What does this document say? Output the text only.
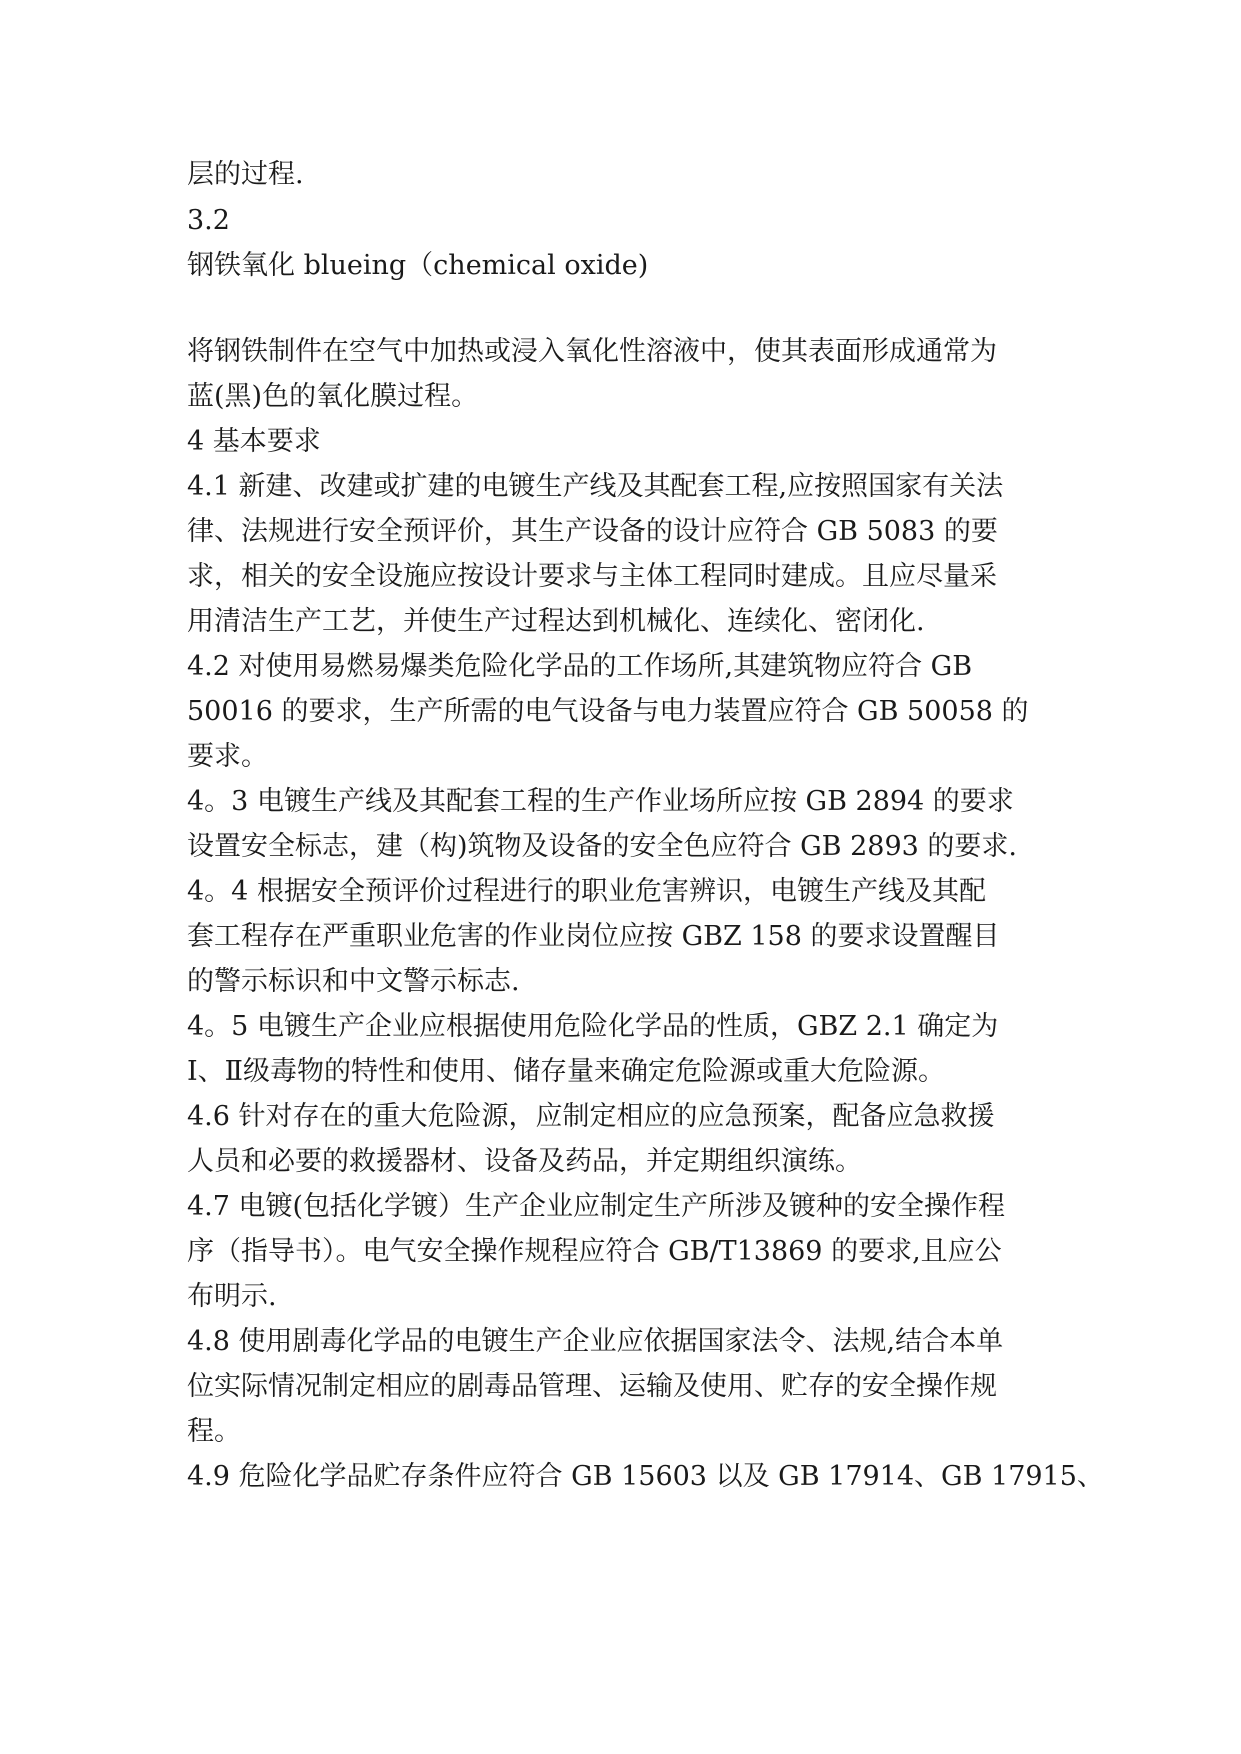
层的过程.
3.2
钢铁氧化 blueing（chemical oxide)
将钢铁制件在空气中加热或浸入氧化性溶液中，使其表面形成通常为
蓝(黑)色的氧化膜过程。
4 基本要求
4.1 新建、改建或扩建的电镀生产线及其配套工程,应按照国家有关法
律、法规进行安全预评价，其生产设备的设计应符合 GB 5083 的要
求，相关的安全设施应按设计要求与主体工程同时建成。且应尽量采
用清洁生产工艺，并使生产过程达到机械化、连续化、密闭化.
4.2 对使用易燃易爆类危险化学品的工作场所,其建筑物应符合 GB
50016 的要求，生产所需的电气设备与电力装置应符合 GB 50058 的
要求。
4。3 电镀生产线及其配套工程的生产作业场所应按 GB 2894 的要求
设置安全标志，建（构)筑物及设备的安全色应符合 GB 2893 的要求.
4。4 根据安全预评价过程进行的职业危害辨识，电镀生产线及其配
套工程存在严重职业危害的作业岗位应按 GBZ 158 的要求设置醒目
的警示标识和中文警示标志.
4。5 电镀生产企业应根据使用危险化学品的性质，GBZ 2.1 确定为
Ⅰ、Ⅱ级毒物的特性和使用、储存量来确定危险源或重大危险源。
4.6 针对存在的重大危险源，应制定相应的应急预案，配备应急救援
人员和必要的救援器材、设备及药品，并定期组织演练。
4.7 电镀(包括化学镀）生产企业应制定生产所涉及镀种的安全操作程
序（指导书）。电气安全操作规程应符合 GB/T13869 的要求,且应公
布明示.
4.8 使用剧毒化学品的电镀生产企业应依据国家法令、法规,结合本单
位实际情况制定相应的剧毒品管理、运输及使用、贮存的安全操作规
程。
4.9 危险化学品贮存条件应符合 GB 15603 以及 GB 17914、GB 17915、
